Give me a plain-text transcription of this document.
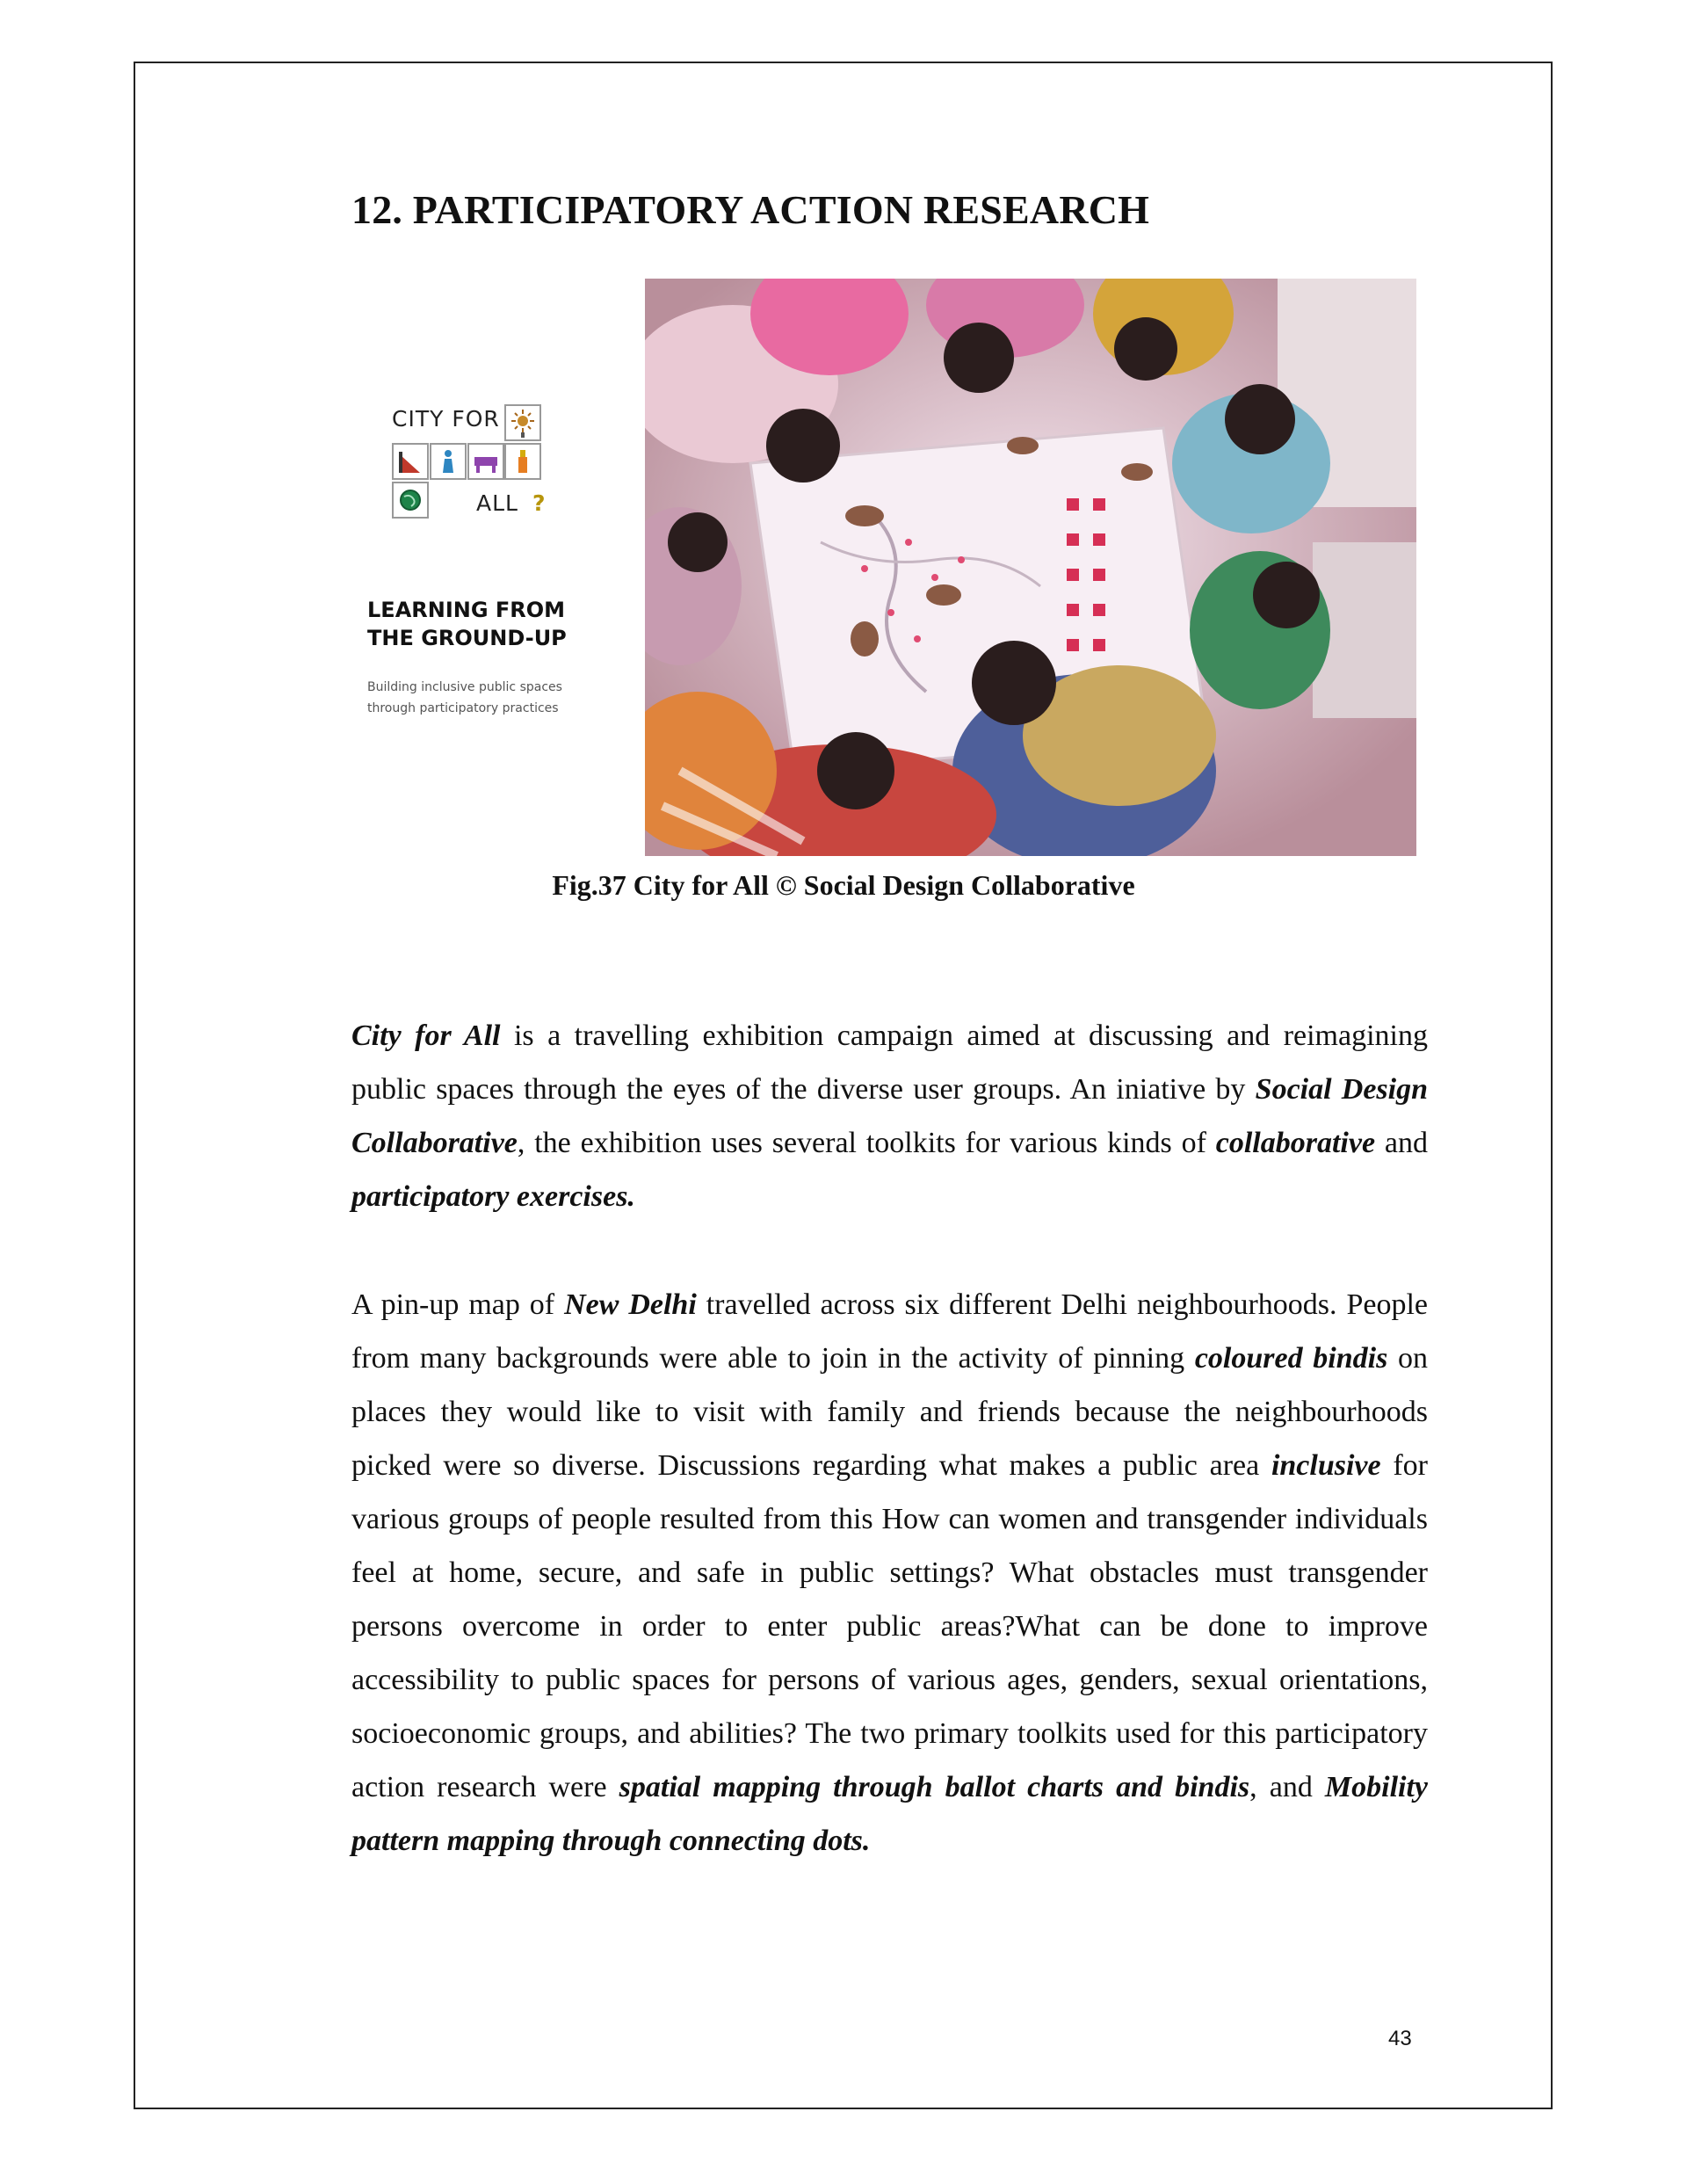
12. PARTICIPATORY ACTION RESEARCH
CITY FOR
ALL ?

LEARNING FROM
THE GROUND-UP

Building inclusive public spaces
through participatory practices

Fig.37 City for All © Social Design Collaborative

City for All is a travelling exhibition campaign aimed at discussing and reimagining public spaces through the eyes of the diverse user groups. An iniative by Social Design Collaborative, the exhibition uses several toolkits for various kinds of collaborative and participatory exercises.

A pin-up map of New Delhi travelled across six different Delhi neighbourhoods. People from many backgrounds were able to join in the activity of pinning coloured bindis on places they would like to visit with family and friends because the neighbourhoods picked were so diverse. Discussions regarding what makes a public area inclusive for various groups of people resulted from this How can women and transgender individuals feel at home, secure, and safe in public settings? What obstacles must transgender persons overcome in order to enter public areas?What can be done to improve accessibility to public spaces for persons of various ages, genders, sexual orientations, socioeconomic groups, and abilities? The two primary toolkits used for this participatory action research were spatial mapping through ballot charts and bindis, and Mobility pattern mapping through connecting dots.

43
